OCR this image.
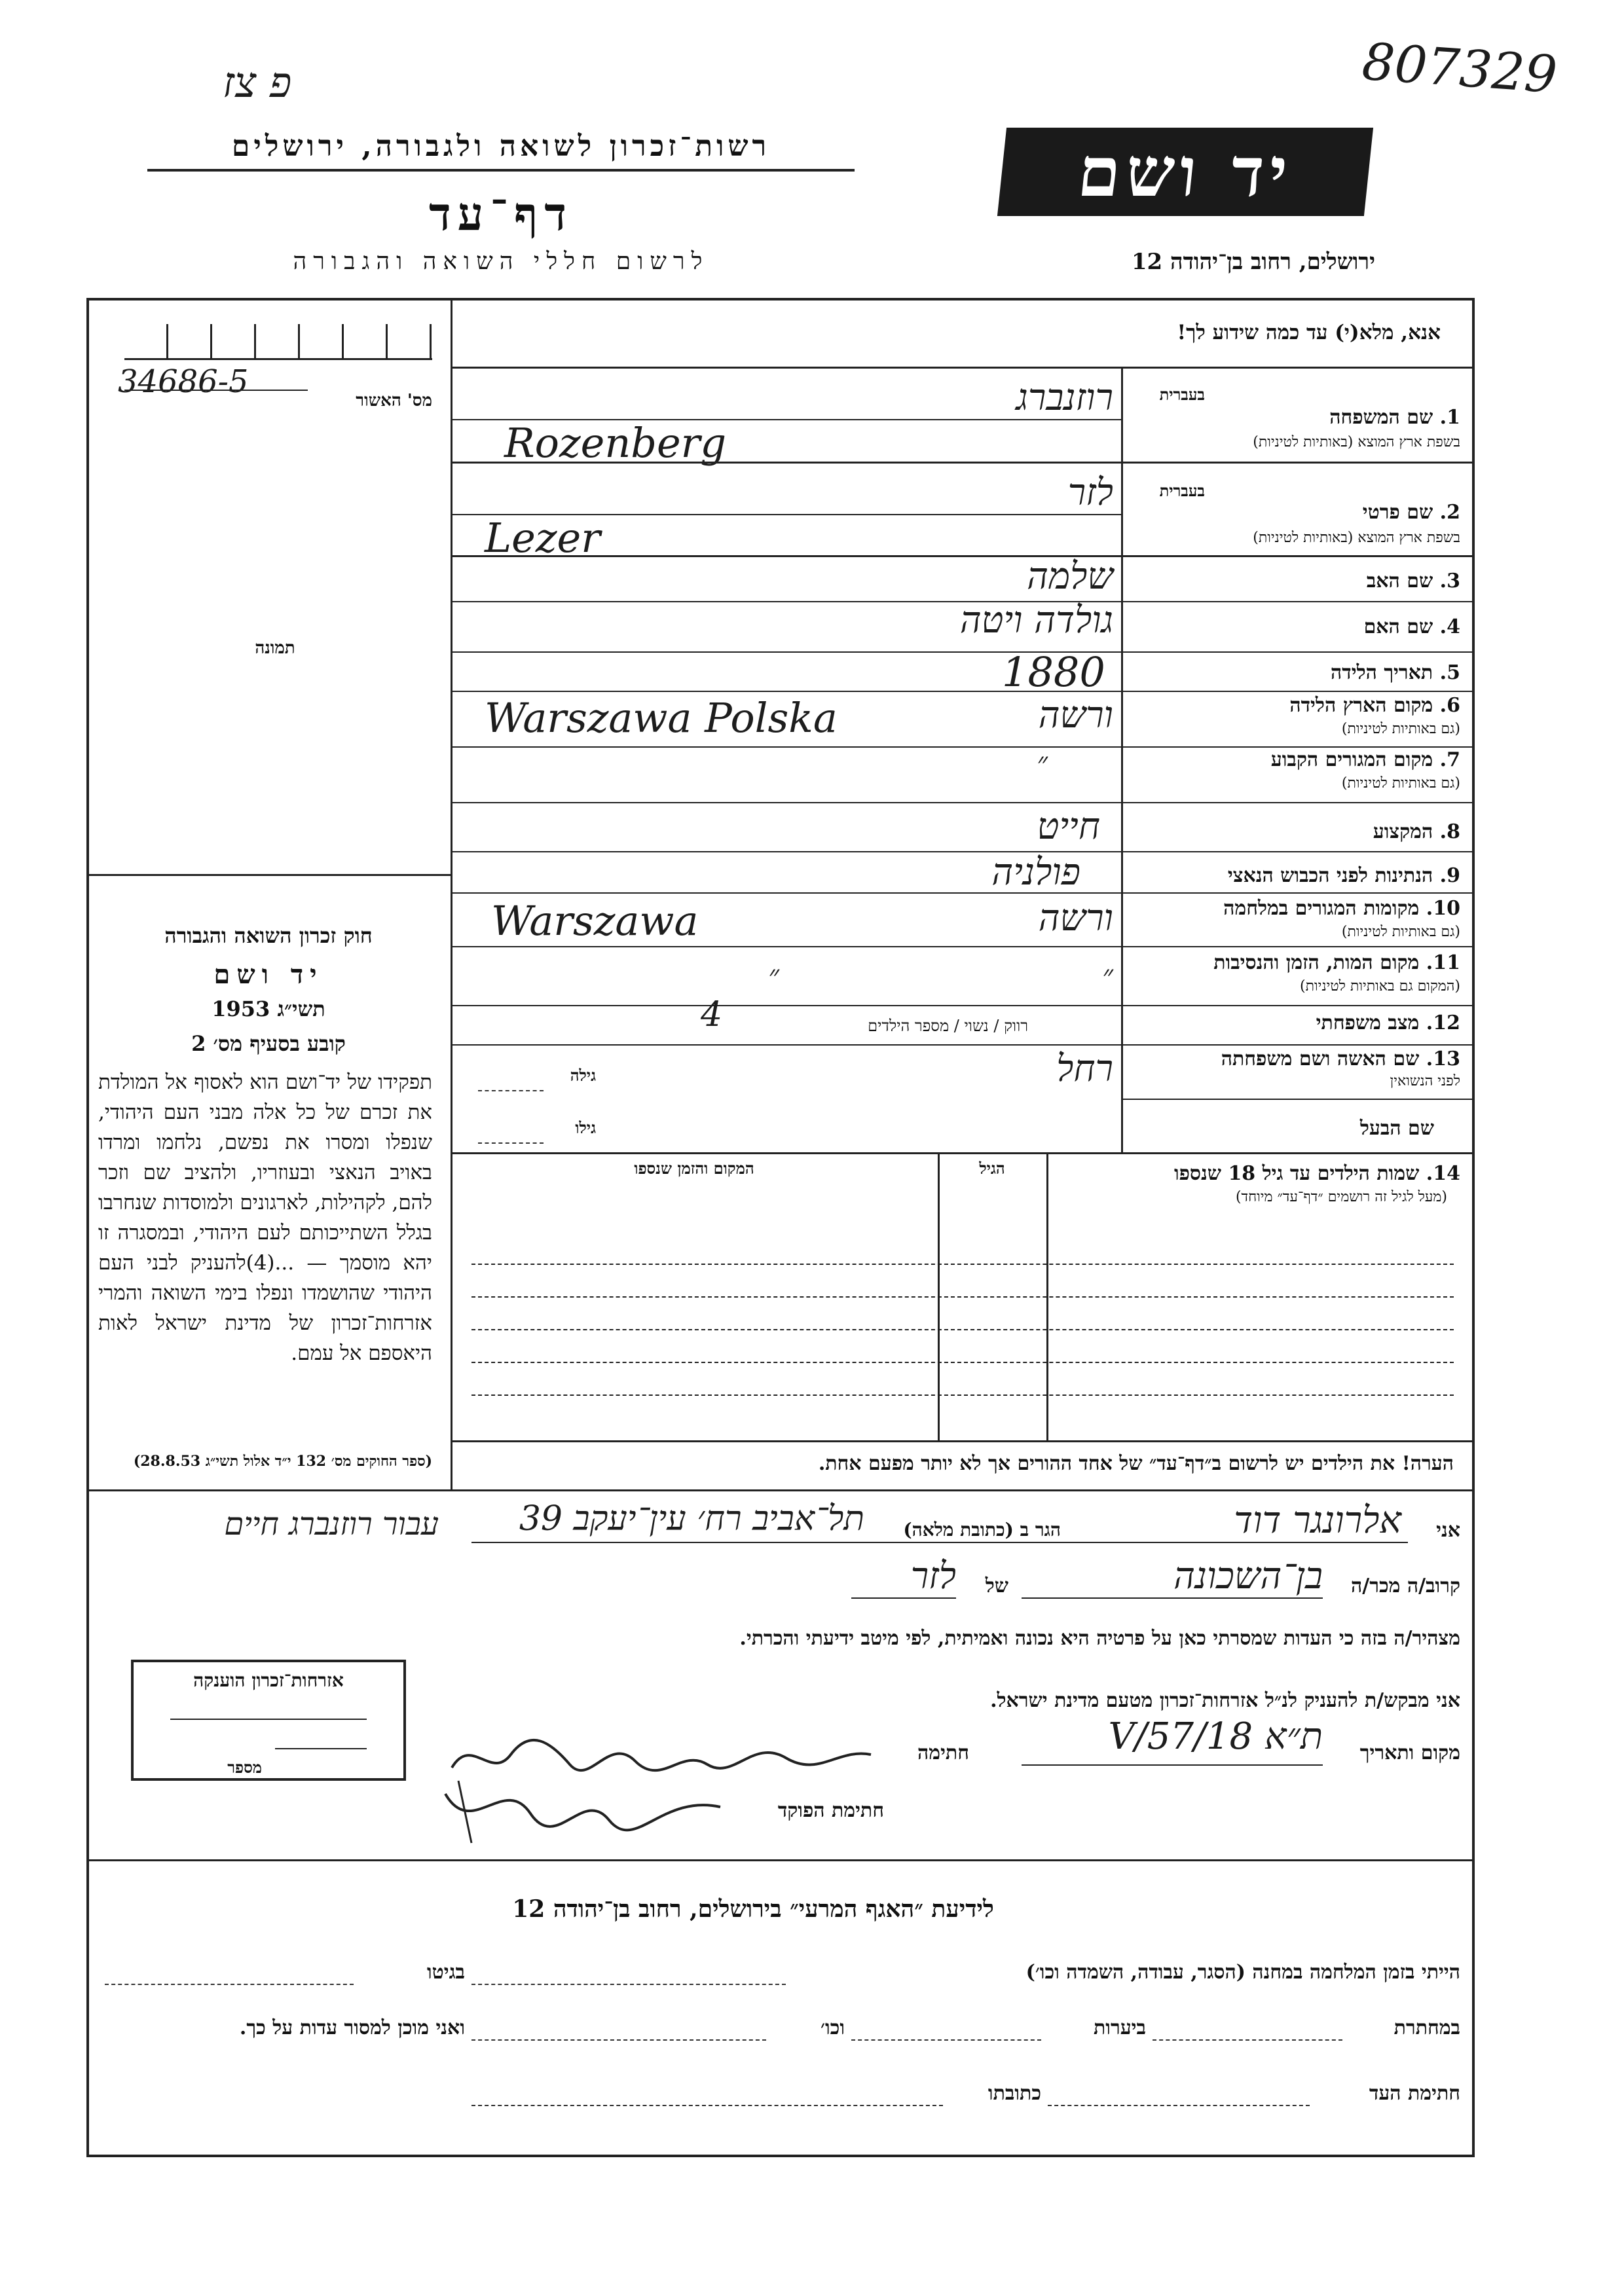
פ צז	807329
רשות־זכרון לשואה ולגבורה, ירושלים
דף־עד
לרשום חללי השואה והגבורה
יד ושם
ירושלים, רחוב בן־יהודה 12
אנא, מלא(י) עד כמה שידוע לך!
34686-5
מס' האשור
תמונה
חוק זכרון השואה והגבורה
יד ושם
תשי״ג 1953
קובע בסעיף מס׳ 2
תפקידו של יד־ושם הוא לאסוף אל המולדת את זכרם של כל אלה מבני העם היהודי, שנפלו ומסרו את נפשם, נלחמו ומרדו באויב הנאצי ובעוזריו, ולהציב שם וזכר להם, לקהילות, לארגונים ולמוסדות שנחרבו בגלל השתייכותם לעם היהודי, ובמסגרה זו יהא מוסמך — ...(4)להעניק לבני העם היהודי שהושמדו ונפלו בימי השואה והמרי אזרחות־זכרון של מדינת ישראל לאות היאספם אל עמם.
(ספר החוקים מס׳ 132 י״ד אלול תשי״ג 28.8.53)
בעברית
1. שם המשפחה
בשפת ארץ המוצא (באותיות לטיניות)
רוזנברג
Rozenberg
בעברית
2. שם פרטי
בשפת ארץ המוצא (באותיות לטיניות)
לזר
Lezer
3. שם האב
שלמה
4. שם האם
גולדה ויטה
5. תאריך הלידה
1880
6. מקום הארץ הלידה
(גם באותיות לטיניות)
Warszawa Polska	ורשה
7. מקום המגורים הקבוע
(גם באותיות לטיניות)
״
8. המקצוע
חייט
9. הנתינות לפני הכבוש הנאצי
פולניה
10. מקומות המגורים במלחמה
(גם באותיות לטיניות)
Warszawa	ורשה
11. מקום המות, הזמן והנסיבות
(המקום גם באותיות לטיניות)
״	״
12. מצב משפחתי
רווק / נשוי / מספר הילדים
4
13. שם האשה ושם משפחתה
לפני הנשואין
רחל
גילה
שם הבעל
גילו
14. שמות הילדים עד גיל 18 שנספו
(מעל לגיל זה רושמים ״דף־עד״ מיוחד)
הגיל
המקום והזמן שנספו
הערה! את הילדים יש לרשום ב״דף־עד״ של אחד ההורים אך לא יותר מפעם אחת.
עבור רוזנברג חיים	אני
אלרונגר דוד
הגר ב (כתובת מלאה)
תל־אביב רח׳ עין־יעקב 39
קרוב/ה מכר/ה
בן־השכונה
של
לזר
מצהיר/ה בזה כי העדות שמסרתי כאן על פרטיה היא נכונה ואמיתית, לפי מיטב ידיעתי והכרתי.
אני מבקש/ת להעניק לנ״ל אזרחות־זכרון מטעם מדינת ישראל.
מקום ותאריך
ת״א 18/V/57
חתימה
חתימת הפוקד
אזרחות־זכרון הוענקה
מספר
לידיעת ״האגף המרעי״ בירושלים, רחוב בן־יהודה 12
הייתי בזמן המלחמה במחנה (הסגר, עבודה, השמדה וכו׳)
בגיטו
במחתרת
ביערות
וכו׳
ואני מוכן למסור עדות על כך.
חתימת העד
כתובתו
